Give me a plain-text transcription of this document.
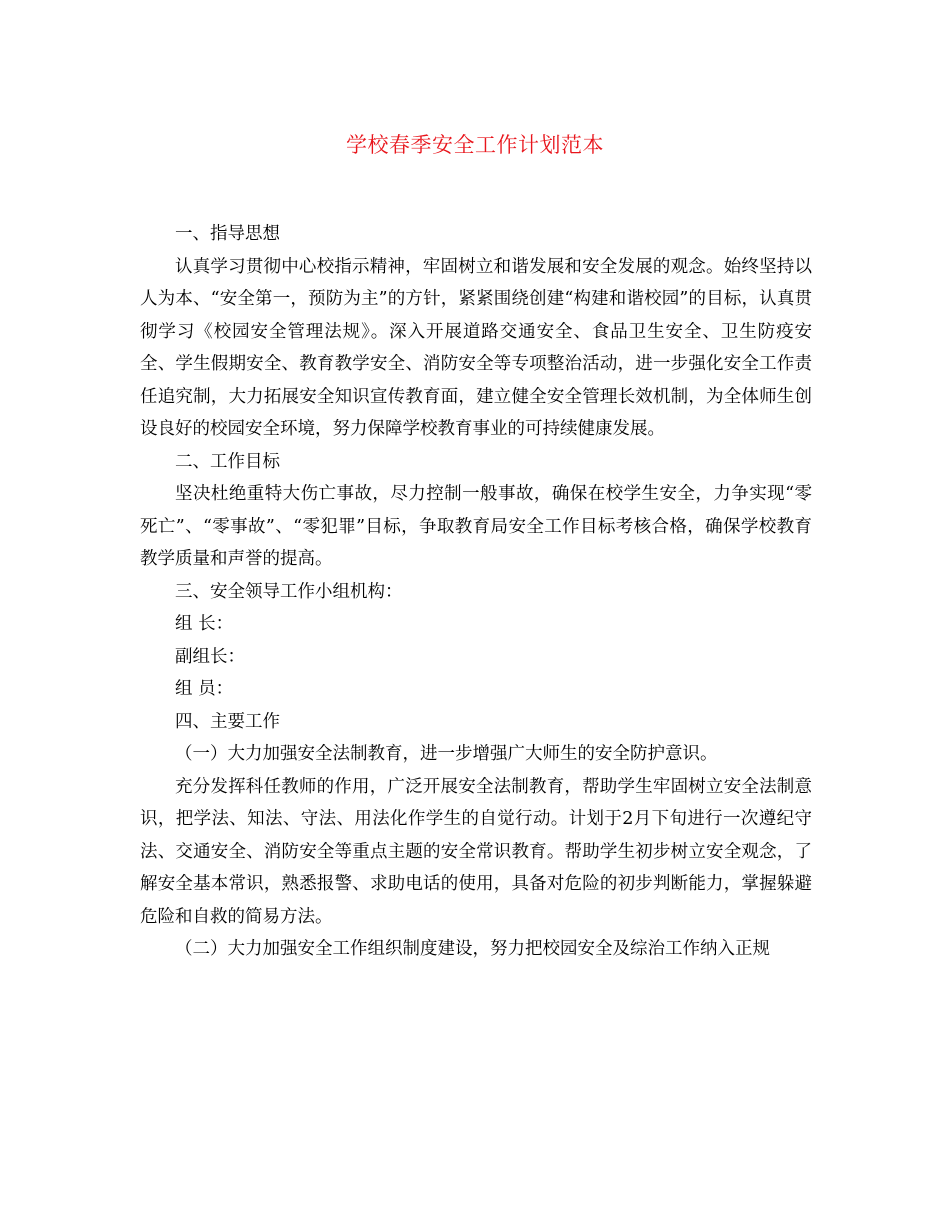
学校春季安全工作计划范本

一、指导思想

认真学习贯彻中心校指示精神，牢固树立和谐发展和安全发展的观念。始终坚持以人为本、“安全第一，预防为主”的方针，紧紧围绕创建“构建和谐校园”的目标，认真贯彻学习《校园安全管理法规》。深入开展道路交通安全、食品卫生安全、卫生防疫安全、学生假期安全、教育教学安全、消防安全等专项整治活动，进一步强化安全工作责任追究制，大力拓展安全知识宣传教育面，建立健全安全管理长效机制，为全体师生创设良好的校园安全环境，努力保障学校教育事业的可持续健康发展。

二、工作目标

坚决杜绝重特大伤亡事故，尽力控制一般事故，确保在校学生安全，力争实现“零死亡”、“零事故”、“零犯罪”目标，争取教育局安全工作目标考核合格，确保学校教育教学质量和声誉的提高。

三、安全领导工作小组机构：

组 长：

副组长：

组 员：

四、主要工作

（一）大力加强安全法制教育，进一步增强广大师生的安全防护意识。

充分发挥科任教师的作用，广泛开展安全法制教育，帮助学生牢固树立安全法制意识，把学法、知法、守法、用法化作学生的自觉行动。计划于2月下旬进行一次遵纪守法、交通安全、消防安全等重点主题的安全常识教育。帮助学生初步树立安全观念，了解安全基本常识，熟悉报警、求助电话的使用，具备对危险的初步判断能力，掌握躲避危险和自救的简易方法。

（二）大力加强安全工作组织制度建设，努力把校园安全及综治工作纳入正规
